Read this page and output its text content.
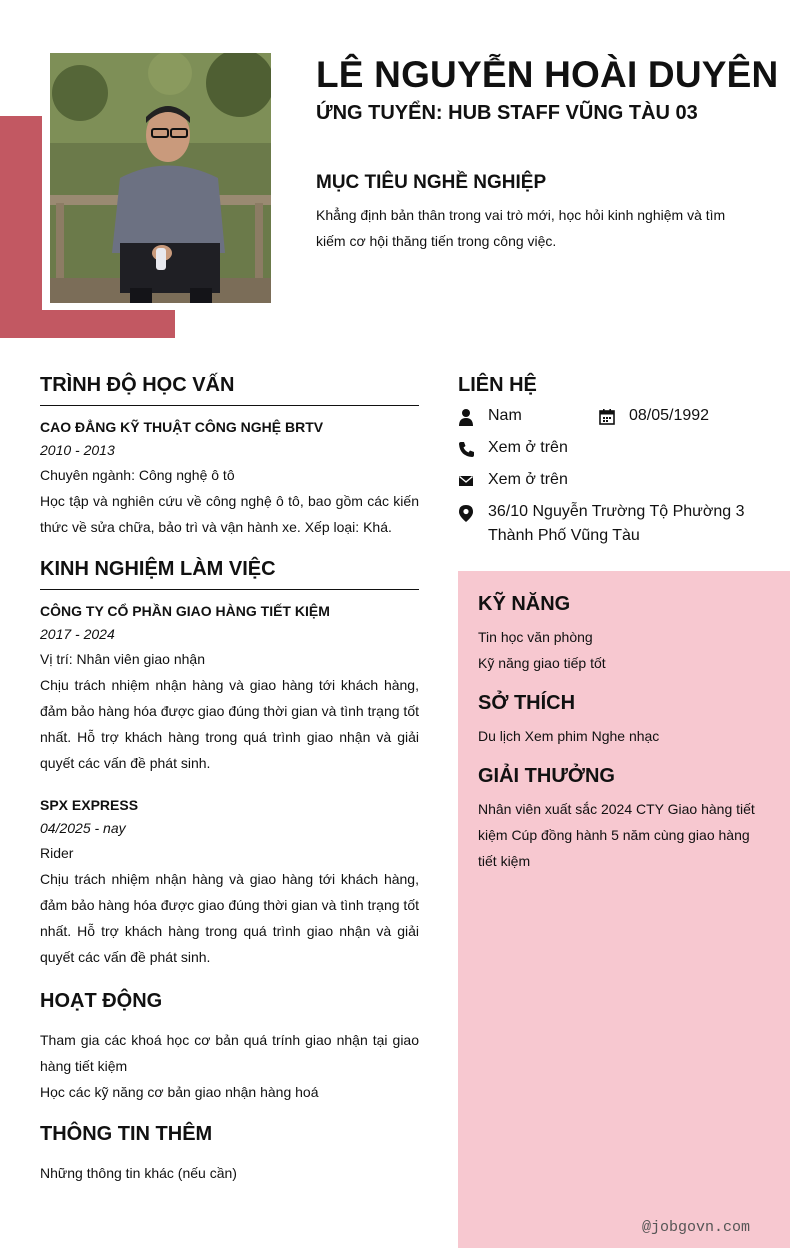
LÊ NGUYỄN HOÀI DUYÊN
ỨNG TUYỂN: HUB STAFF VŨNG TÀU 03
MỤC TIÊU NGHỀ NGHIỆP
Khẳng định bản thân trong vai trò mới, học hỏi kinh nghiệm và tìm kiếm cơ hội thăng tiến trong công việc.
TRÌNH ĐỘ HỌC VẤN
CAO ĐẲNG KỸ THUẬT CÔNG NGHỆ BRTV
2010 - 2013
Chuyên ngành: Công nghệ ô tô
Học tập và nghiên cứu về công nghệ ô tô, bao gồm các kiến thức về sửa chữa, bảo trì và vận hành xe. Xếp loại: Khá.
KINH NGHIỆM LÀM VIỆC
CÔNG TY CỔ PHẦN GIAO HÀNG TIẾT KIỆM
2017 - 2024
Vị trí: Nhân viên giao nhận
Chịu trách nhiệm nhận hàng và giao hàng tới khách hàng, đảm bảo hàng hóa được giao đúng thời gian và tình trạng tốt nhất. Hỗ trợ khách hàng trong quá trình giao nhận và giải quyết các vấn đề phát sinh.
SPX EXPRESS
04/2025 - nay
Rider
Chịu trách nhiệm nhận hàng và giao hàng tới khách hàng, đảm bảo hàng hóa được giao đúng thời gian và tình trạng tốt nhất. Hỗ trợ khách hàng trong quá trình giao nhận và giải quyết các vấn đề phát sinh.
HOẠT ĐỘNG
Tham gia các khoá học cơ bản quá trính giao nhận tại giao hàng tiết kiệm
Học các kỹ năng cơ bản giao nhận hàng hoá
THÔNG TIN THÊM
Những thông tin khác (nếu cần)
LIÊN HỆ
Nam	08/05/1992
Xem ở trên
Xem ở trên
36/10 Nguyễn Trường Tộ Phường 3
Thành Phố Vũng Tàu
KỸ NĂNG
Tin học văn phòng
Kỹ năng giao tiếp tốt
SỞ THÍCH
Du lịch Xem phim Nghe nhạc
GIẢI THƯỞNG
Nhân viên xuất sắc 2024 CTY Giao hàng tiết kiệm Cúp đồng hành 5 năm cùng giao hàng tiết kiệm
@jobgovn.com
